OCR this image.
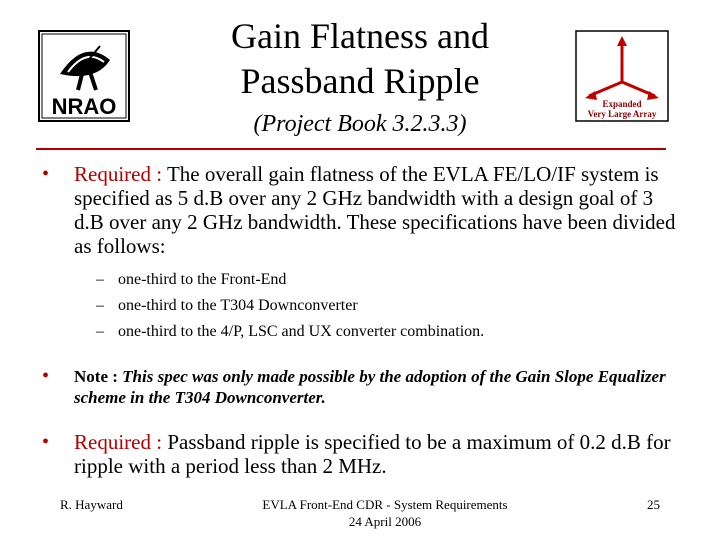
Gain Flatness and
Passband Ripple
(Project Book 3.2.3.3)
NRAO	Expanded
Very Large Array
• Required : The overall gain flatness of the EVLA FE/LO/IF system is specified as 5 d.B over any 2 GHz bandwidth with a design goal of 3 d.B over any 2 GHz bandwidth. These specifications have been divided as follows:
– one-third to the Front-End
– one-third to the T304 Downconverter
– one-third to the 4/P, LSC and UX converter combination.
• Note : This spec was only made possible by the adoption of the Gain Slope Equalizer scheme in the T304 Downconverter.
• Required : Passband ripple is specified to be a maximum of 0.2 d.B for ripple with a period less than 2 MHz.
R. Hayward	EVLA Front-End CDR - System Requirements
24 April 2006
25
